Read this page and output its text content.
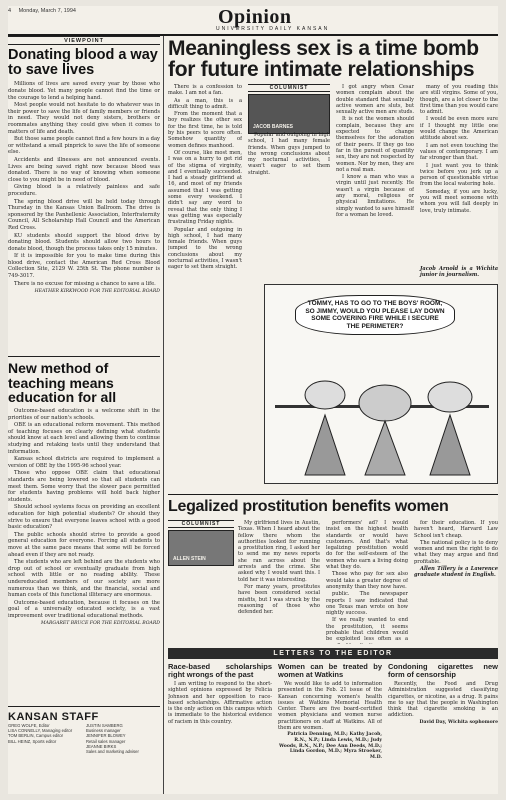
4 Monday, March 7, 1994	Opinion
UNIVERSITY DAILY KANSAN
VIEWPOINT
Donating blood a way to save lives

Millions of lives are saved every year by those who donate blood. Yet many people cannot find the time or the courage to lend a helping hand.

Most people would not hesitate to do whatever was in their power to save the life of family members or friends in need. They would not deny sisters, brothers or roommates anything they could give when it comes to matters of life and death.

But those same people cannot find a few hours in a day or withstand a small pinprick to save the life of someone else.

Accidents and illnesses are not announced events. Lives are being saved right now because blood was donated. There is no way of knowing when someone close to you might be in need of blood.

Giving blood is a relatively painless and safe procedure.

The spring blood drive will be held today through Thursday in the Kansas Union Ballroom. The drive is sponsored by the Panhellenic Association, Interfraternity Council, All Scholarship Hall Council and the American Red Cross.

KU students should support the blood drive by donating blood. Students should allow two hours to donate blood, though the process takes only 15 minutes.

If it is impossible for you to make time during this blood drive, contact the American Red Cross Blood Collection Site, 2129 W. 25th St. The phone number is 749-3017.

There is no excuse for missing a chance to save a life.

HEATHER KIRKWOOD FOR THE EDITORIAL BOARD
New method of teaching means education for all

Outcome-based education is a welcome shift in the priorities of our nation's schools.

OBE is an educational reform movement. This method of teaching focuses on clearly defining what students should know at each level and allowing them to continue studying and retaking tests until they understand that information.

Kansas school districts are required to implement a version of OBE by the 1995-96 school year.

Those who oppose OBE claim that educational standards are being lowered so that all students can meet them. Some worry that the slower pace permitted for students having problems will hold back higher students.

Should school systems focus on providing an excellent education for high potential students? Or should they strive to ensure that everyone leaves school with a good basic education?

The public schools should strive to provide a good general education for everyone. Forcing all students to move at the same pace means that some will be forced ahead even if they are not ready.

The students who are left behind are the students who drop out of school or eventually graduate from high school with little or no reading ability. These undereducated members of our society are more numerous than we think, and the financial, social and human costs of this functional illiteracy are enormous.

Outcome-based education, because it focuses on the goal of a universally educated society, is a vast improvement over traditional educational methods.

MARGARET BRUCE FOR THE EDITORIAL BOARD
KANSAN STAFF
GREG WOLFE, Editor
LISA CONNELLY, Managing editor
TOM BERLIN, Campus editor
BILL HEINZ, Sports editor
JUSTIN SAMBERG
Business manager
JENNIFER BLOWEY
Retail sales manager
JEANNE BIRKS
Sales and marketing adviser
Meaningless sex is a time bomb for future intimate relationships

There is a confession to make. I am not a fan.

As a man, this is a difficult thing to admit.

From the moment that a boy realizes the other sex for the first time, he is told by his peers to score often. Somehow quantity of women defines manhood.

Of course, like most men, I was on a hurry to get rid of the stigma of virginity, and I eventually succeeded. I had a steady girlfriend at 16, and most of my friends assumed that I was getting some every weekend. I didn't say any word to reveal that the only thing I was getting was especially frustrating Friday nights.

Popular and outgoing in high school, I had many female friends. When guys jumped to the wrong conclusions about my nocturnal activities, I wasn't eager to set them straight.

COLUMNIST
JACOB BARNES

Popular and outgoing in high school, I had many female friends. When guys jumped to the wrong conclusions about my nocturnal activities, I wasn't eager to set them straight.

I got angry when Cesar women complain about the double standard that sexually active women are sluts, but sexually active men are studs.

It is not the women should complain, because they are expected to change themselves for the adoration of their peers. If they go too far in the pursuit of quantity sex, they are not respected by women. Nor by men, they are not a real man.

I know a man who was a virgin until just recently. He wasn't a virgin because of any moral, religious or physical limitations. He simply wanted to save himself for a woman he loved.

many of you reading this are still virgins. Some of you, though, are a lot closer to the first time than you would care to admit.

I would be even more sure if I thought my little one would change the American attitude about sex.

I am not even touching the values of contemporary. I am far stronger than that.

I just want you to think twice before you jerk up a person of questionable virtue from the local watering hole.

Someday, if you are lucky, you will meet someone with whom you will fall deeply in love, truly intimate.

Jacob Arnold is a Wichita junior in journalism.
TOMMY, HAS TO GO TO THE BOYS' ROOM, SO JIMMY, WOULD YOU PLEASE LAY DOWN SOME COVERING FIRE WHILE I SECURE THE PERIMETER?
Legalized prostitution benefits women
COLUMNIST
ALLEN STEIN

My girlfriend lives in Austin, Texas. When I heard about the fellow there whom the authorities looked for running a prostitution ring, I asked her to send me my news reports she ran across about the arrests and the crime. She asked why I would want this. I told her it was interesting.

For many years, prostitutes have been considered social misfits, but I was struck by the reasoning of those who defended her.

performers' ad? I would insist on the highest health standards or would have customers. And that's what legalizing prostitution would do for the self-esteem of the women who earn a living doing what they do.

Those who pay for sex also would take a greater degree of anonymity than they now have.

public. The newspaper reports I saw indicated that one Texas man wrote on how nightly success.

If we really wanted to end the prostitution, it seems probable that children would be exploited less often as a

for their education. If you haven't heard, Harvard Law School isn't cheap.

The national policy is to deny women and men the right to do what they may argue and find profitable.

Allen Tillery is a Lawrence graduate student in English.

LETTERS TO THE EDITOR
Race-based scholarships right wrongs of the past

I am writing to respond to the short-sighted opinions expressed by Felicia Johnson and her opposition to race-based scholarships. Affirmative action is the only action on this campus which is immediate to the historical evidence of racism in this country.

Women can be treated by women at Watkins

We would like to add to information presented in the Feb. 21 issue of the Kansan concerning women's health issues at Watkins Memorial Health Center. There are five board-certified women physicians and women nurse practitioners on staff at Watkins. All of them are women.

Patricia Denning, M.D.; Kathy Jacob, R.N., N.P.; Linda Lewis, M.D.; Judy Woods, R.N., N.P.; Dee Ann Deeds, M.D.; Linda Gordon, M.D.; Myra Stroeker, M.D.
Condoning cigarettes new form of censorship

Recently, the Food and Drug Administration suggested classifying cigarettes, or nicotine, as a drug. It pains me to say that the people in Washington think that cigarette smoking is an addiction.

David Day, Wichita sophomore
